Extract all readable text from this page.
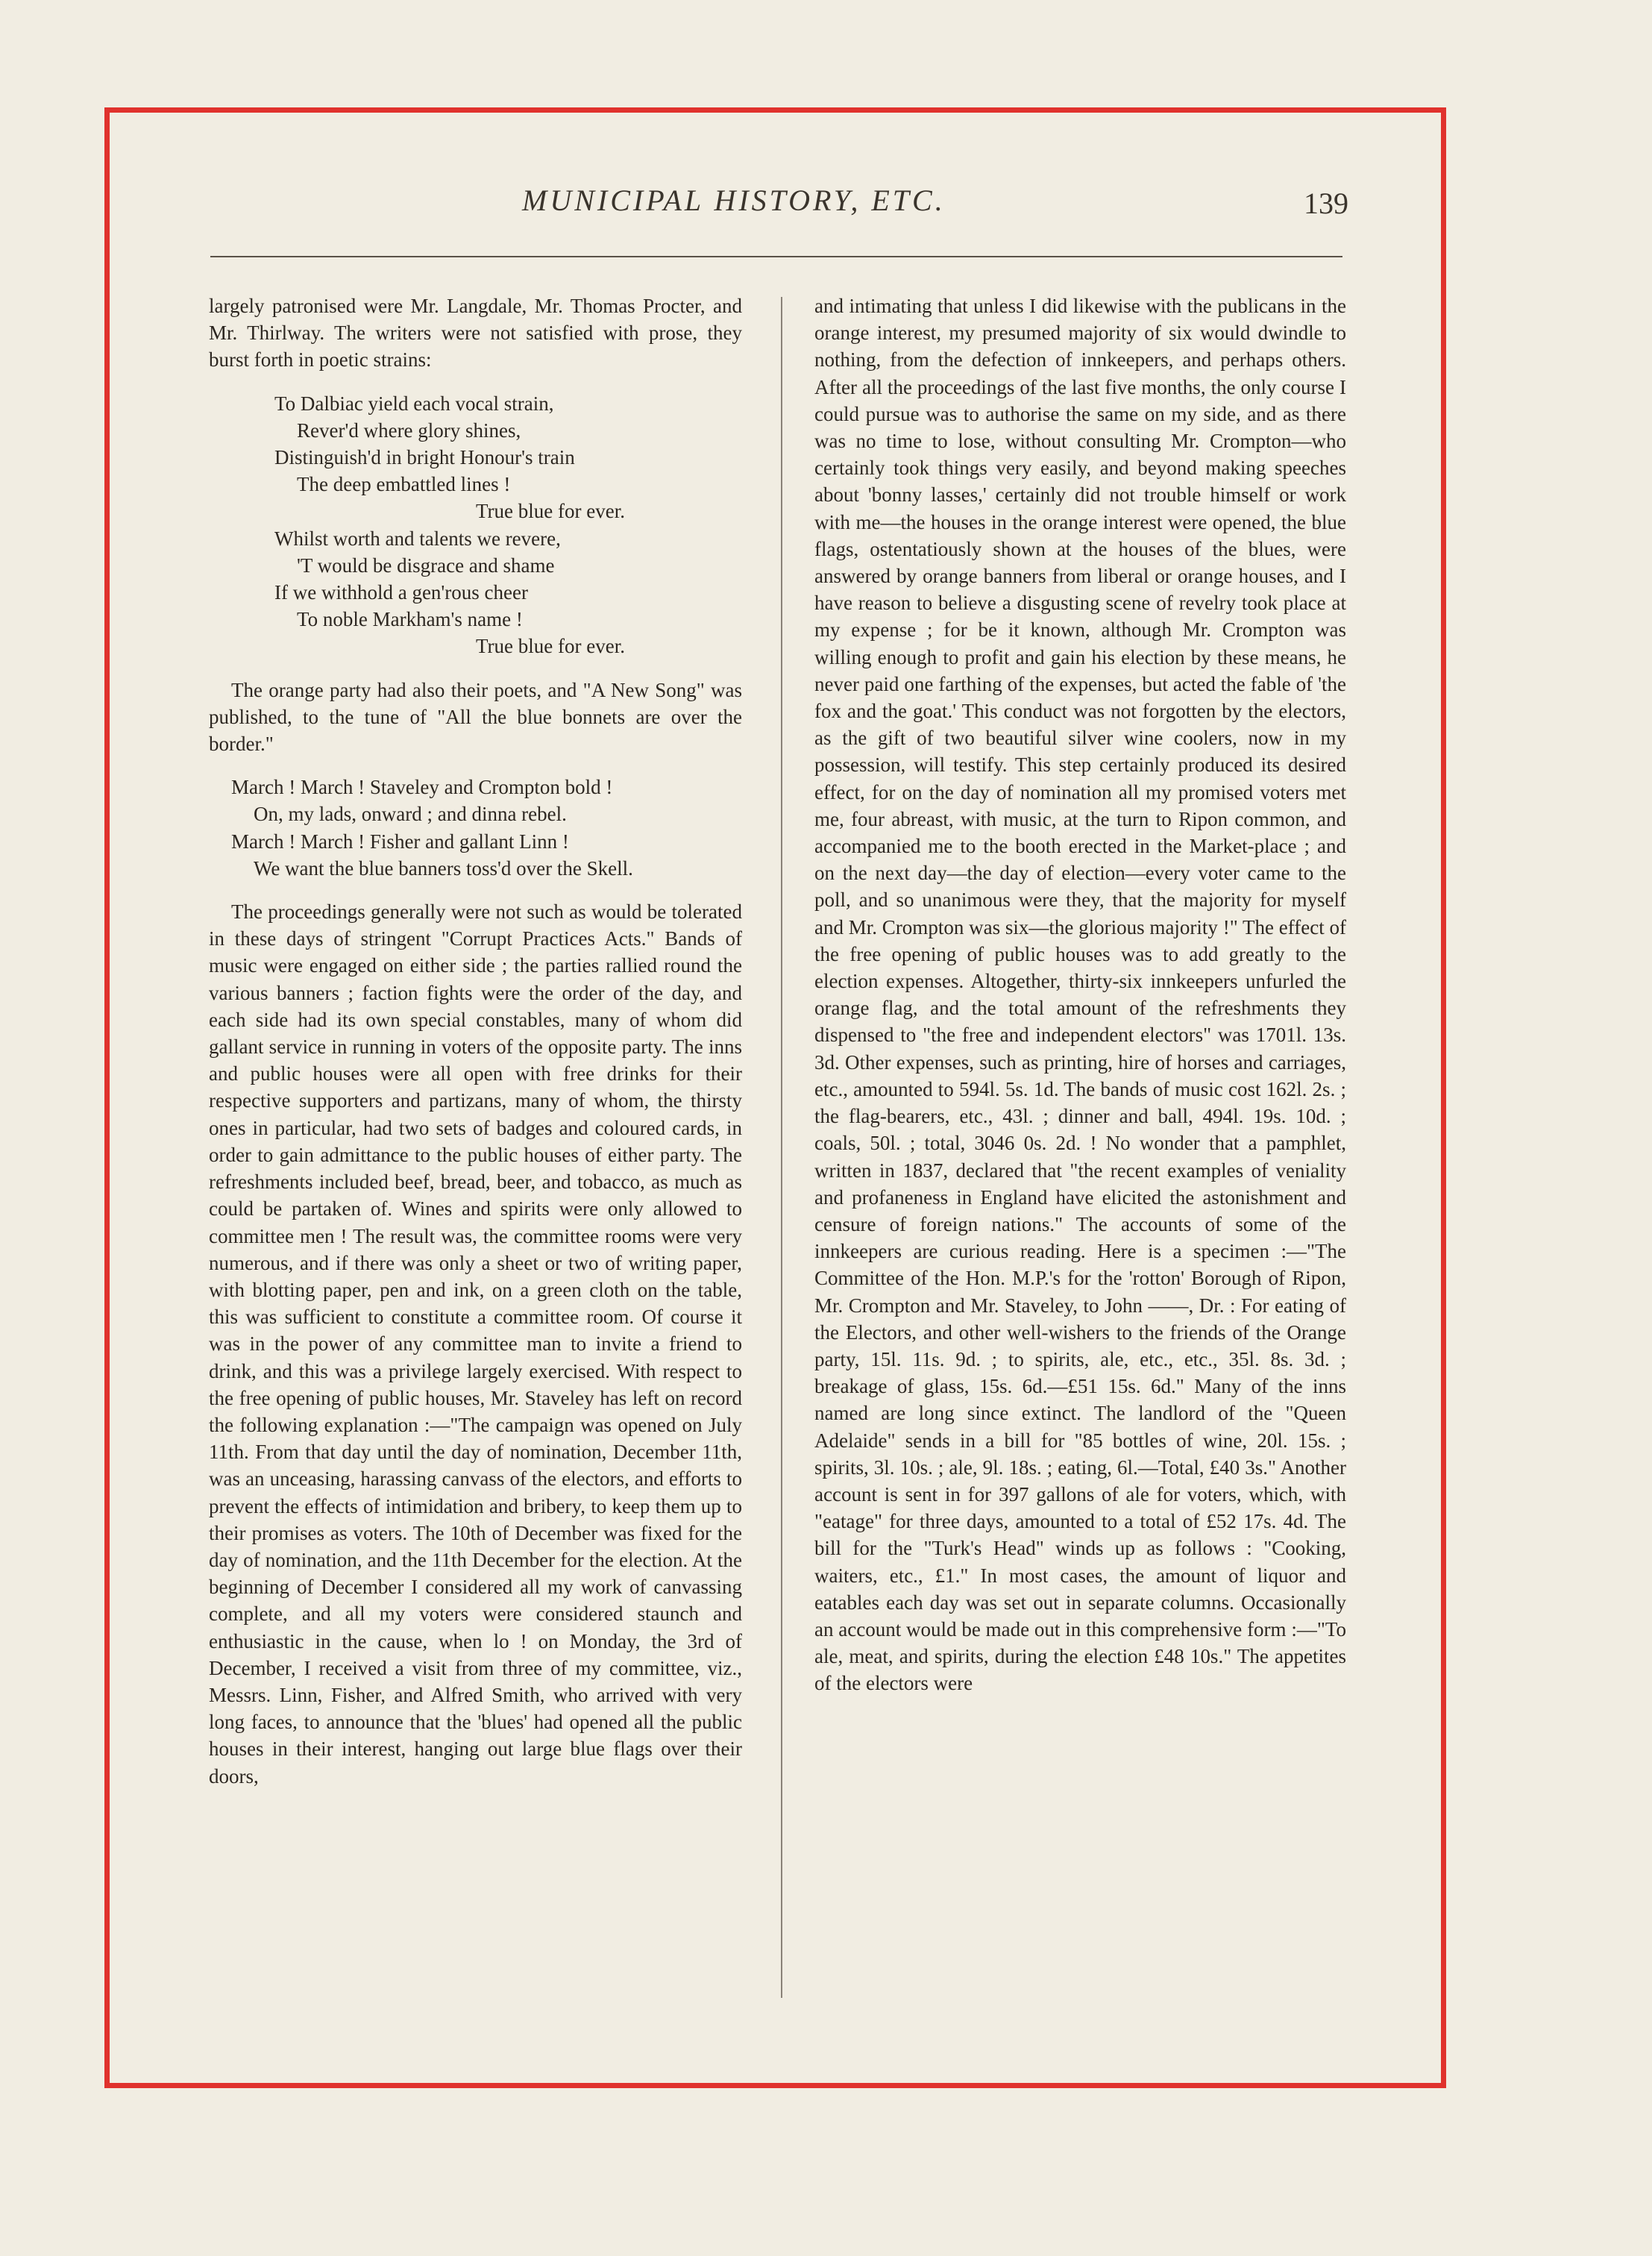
MUNICIPAL HISTORY, ETC.	139

largely patronised were Mr. Langdale, Mr. Thomas Procter, and Mr. Thirlway. The writers were not satisfied with prose, they burst forth in poetic strains:

To Dalbiac yield each vocal strain,
Rever'd where glory shines,
Distinguish'd in bright Honour's train
The deep embattled lines !
True blue for ever.
Whilst worth and talents we revere,
'T would be disgrace and shame
If we withhold a gen'rous cheer
To noble Markham's name !
True blue for ever.

The orange party had also their poets, and "A New Song" was published, to the tune of "All the blue bonnets are over the border."

March ! March ! Staveley and Crompton bold !
On, my lads, onward ; and dinna rebel.
March ! March ! Fisher and gallant Linn !
We want the blue banners toss'd over the Skell.

The proceedings generally were not such as would be tolerated in these days of stringent "Corrupt Practices Acts." Bands of music were engaged on either side ; the parties rallied round the various banners ; faction fights were the order of the day, and each side had its own special constables, many of whom did gallant service in running in voters of the opposite party. The inns and public houses were all open with free drinks for their respective supporters and partizans, many of whom, the thirsty ones in particular, had two sets of badges and coloured cards, in order to gain admittance to the public houses of either party. The refreshments included beef, bread, beer, and tobacco, as much as could be partaken of. Wines and spirits were only allowed to committee men ! The result was, the committee rooms were very numerous, and if there was only a sheet or two of writing paper, with blotting paper, pen and ink, on a green cloth on the table, this was sufficient to constitute a committee room. Of course it was in the power of any committee man to invite a friend to drink, and this was a privilege largely exercised. With respect to the free opening of public houses, Mr. Staveley has left on record the following explanation :—"The campaign was opened on July 11th. From that day until the day of nomination, December 11th, was an unceasing, harassing canvass of the electors, and efforts to prevent the effects of intimidation and bribery, to keep them up to their promises as voters. The 10th of December was fixed for the day of nomination, and the 11th December for the election. At the beginning of December I considered all my work of canvassing complete, and all my voters were considered staunch and enthusiastic in the cause, when lo ! on Monday, the 3rd of December, I received a visit from three of my committee, viz., Messrs. Linn, Fisher, and Alfred Smith, who arrived with very long faces, to announce that the 'blues' had opened all the public houses in their interest, hanging out large blue flags over their doors,

and intimating that unless I did likewise with the publicans in the orange interest, my presumed majority of six would dwindle to nothing, from the defection of innkeepers, and perhaps others. After all the proceedings of the last five months, the only course I could pursue was to authorise the same on my side, and as there was no time to lose, without consulting Mr. Crompton—who certainly took things very easily, and beyond making speeches about 'bonny lasses,' certainly did not trouble himself or work with me—the houses in the orange interest were opened, the blue flags, ostentatiously shown at the houses of the blues, were answered by orange banners from liberal or orange houses, and I have reason to believe a disgusting scene of revelry took place at my expense ; for be it known, although Mr. Crompton was willing enough to profit and gain his election by these means, he never paid one farthing of the expenses, but acted the fable of 'the fox and the goat.' This conduct was not forgotten by the electors, as the gift of two beautiful silver wine coolers, now in my possession, will testify. This step certainly produced its desired effect, for on the day of nomination all my promised voters met me, four abreast, with music, at the turn to Ripon common, and accompanied me to the booth erected in the Market-place ; and on the next day—the day of election—every voter came to the poll, and so unanimous were they, that the majority for myself and Mr. Crompton was six—the glorious majority !" The effect of the free opening of public houses was to add greatly to the election expenses. Altogether, thirty-six innkeepers unfurled the orange flag, and the total amount of the refreshments they dispensed to "the free and independent electors" was 1701l. 13s. 3d. Other expenses, such as printing, hire of horses and carriages, etc., amounted to 594l. 5s. 1d. The bands of music cost 162l. 2s. ; the flag-bearers, etc., 43l. ; dinner and ball, 494l. 19s. 10d. ; coals, 50l. ; total, 3046 0s. 2d. ! No wonder that a pamphlet, written in 1837, declared that "the recent examples of veniality and profaneness in England have elicited the astonishment and censure of foreign nations." The accounts of some of the innkeepers are curious reading. Here is a specimen :—"The Committee of the Hon. M.P.'s for the 'rotton' Borough of Ripon, Mr. Crompton and Mr. Staveley, to John ——, Dr. : For eating of the Electors, and other well-wishers to the friends of the Orange party, 15l. 11s. 9d. ; to spirits, ale, etc., etc., 35l. 8s. 3d. ; breakage of glass, 15s. 6d.—£51 15s. 6d." Many of the inns named are long since extinct. The landlord of the "Queen Adelaide" sends in a bill for "85 bottles of wine, 20l. 15s. ; spirits, 3l. 10s. ; ale, 9l. 18s. ; eating, 6l.—Total, £40 3s." Another account is sent in for 397 gallons of ale for voters, which, with "eatage" for three days, amounted to a total of £52 17s. 4d. The bill for the "Turk's Head" winds up as follows : "Cooking, waiters, etc., £1." In most cases, the amount of liquor and eatables each day was set out in separate columns. Occasionally an account would be made out in this comprehensive form :—"To ale, meat, and spirits, during the election £48 10s." The appetites of the electors were
